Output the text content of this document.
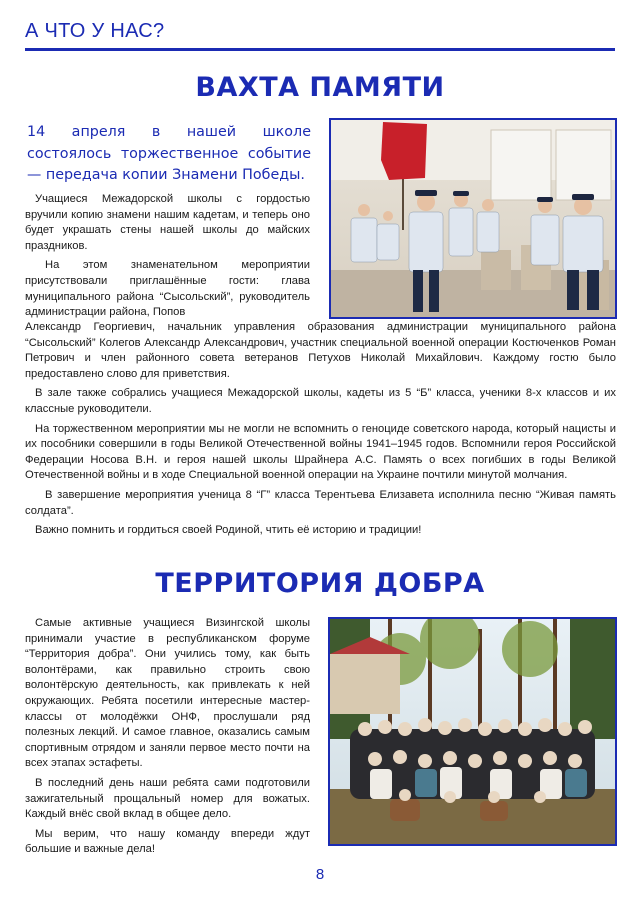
А ЧТО У НАС?
ВАХТА ПАМЯТИ

14 апреля в нашей школе состоялось торжественное событие — передача копии Знамени Победы.

Учащиеся Межадорской школы с гордостью вручили копию знамени нашим кадетам, и теперь оно будет украшать стены нашей школы до майских праздников.

На этом знаменательном мероприятии присутствовали приглашённые гости: глава муниципального района “Сысольский”, руководитель администрации района, Попов

Александр Георгиевич, начальник управления образования администрации муниципального района “Сысольский” Колегов Александр Александрович, участник специальной военной операции Костюченков Роман Петрович и член районного совета ветеранов Петухов Николай Михайлович. Каждому гостю было предоставлено слово для приветствия.

В зале также собрались учащиеся Межадорской школы, кадеты из 5 “Б” класса, ученики 8-х классов и их классные руководители.

На торжественном мероприятии мы не могли не вспомнить о геноциде советского народа, который нацисты и их пособники совершили в годы Великой Отечественной войны 1941–1945 годов. Вспомнили героя Российской Федерации Носова В.Н. и героя нашей школы Шрайнера А.С. Память о всех погибших в годы Великой Отечественной войны и в ходе Специальной военной операции на Украине почтили минутой молчания.

В завершение мероприятия ученица 8 “Г” класса Терентьева Елизавета исполнила песню “Живая память солдата”.

Важно помнить и гордиться своей Родиной, чтить её историю и традиции!

ТЕРРИТОРИЯ ДОБРА

Самые активные учащиеся Визингской школы принимали участие в республиканском форуме “Территория добра”. Они учились тому, как быть волонтёрами, как правильно строить свою волонтёрскую деятельность, как привлекать к ней окружающих. Ребята посетили интересные мастер-классы от молодёжки ОНФ, прослушали ряд полезных лекций. И самое главное, оказались самым спортивным отрядом и заняли первое место почти на всех этапах эстафеты.

В последний день наши ребята сами подготовили зажигательный прощальный номер для вожатых. Каждый внёс свой вклад в общее дело.

Мы верим, что нашу команду впереди ждут большие и важные дела!

8
